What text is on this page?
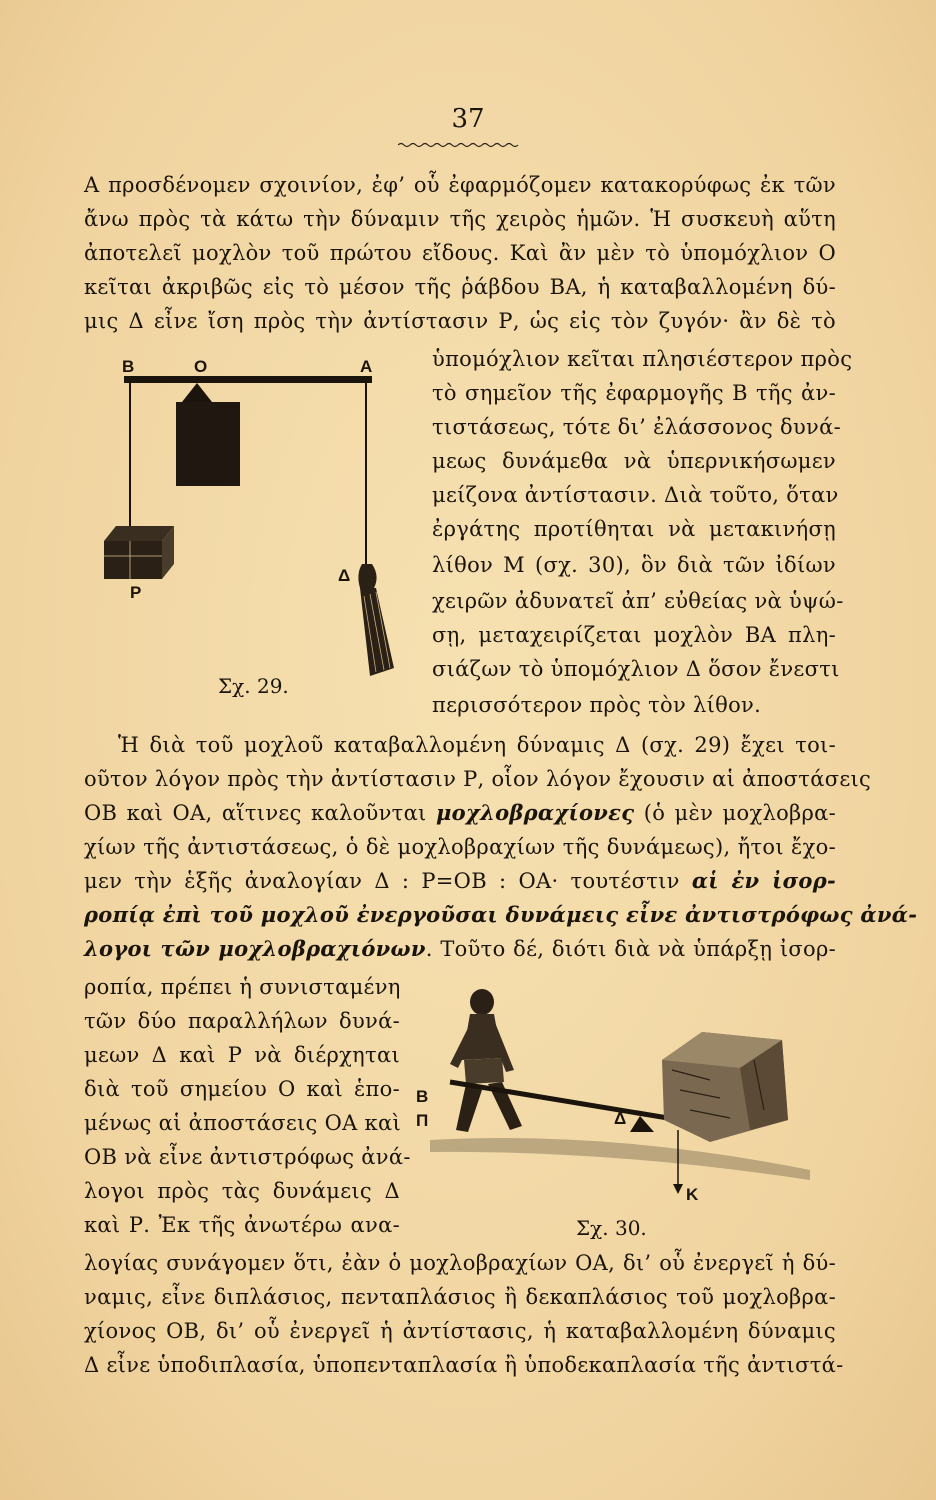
37
Α προσδένομεν σχοινίον, ἐφ’ οὗ ἐφαρμόζομεν κατακορύφως ἐκ τῶν
ἄνω πρὸς τὰ κάτω τὴν δύναμιν τῆς χειρὸς ἡμῶν. Ἡ συσκευὴ αὕτη
ἀποτελεῖ μοχλὸν τοῦ πρώτου εἴδους. Καὶ ἂν μὲν τὸ ὑπομόχλιον Ο
κεῖται ἀκριβῶς εἰς τὸ μέσον τῆς ῥάβδου ΒΑ, ἡ καταβαλλομένη δύ-
μις Δ εἶνε ἴση πρὸς τὴν ἀντίστασιν Ρ, ὡς εἰς τὸν ζυγόν· ἂν δὲ τὸ
ὑπομόχλιον κεῖται πλησιέστερον πρὸς
τὸ σημεῖον τῆς ἐφαρμογῆς Β τῆς ἀν-
τιστάσεως, τότε δι’ ἐλάσσονος δυνά-
μεως δυνάμεθα νὰ ὑπερνικήσωμεν
μείζονα ἀντίστασιν. Διὰ τοῦτο, ὅταν
ἐργάτης προτίθηται νὰ μετακινήσῃ
λίθον Μ (σχ. 30), ὃν διὰ τῶν ἰδίων
χειρῶν ἀδυνατεῖ ἀπ’ εὐθείας νὰ ὑψώ-
σῃ, μεταχειρίζεται μοχλὸν ΒΑ πλη-
σιάζων τὸ ὑπομόχλιον Δ ὅσον ἔνεστι
περισσότερον πρὸς τὸν λίθον.
B	O	A
P
Δ
Σχ. 29.
Ἡ διὰ τοῦ μοχλοῦ καταβαλλομένη δύναμις Δ (σχ. 29) ἔχει τοι-
οῦτον λόγον πρὸς τὴν ἀντίστασιν Ρ, οἷον λόγον ἔχουσιν αἱ ἀποστάσεις
ΟΒ καὶ ΟΑ, αἵτινες καλοῦνται μοχλοβραχίονες (ὁ μὲν μοχλοβρα-
χίων τῆς ἀντιστάσεως, ὁ δὲ μοχλοβραχίων τῆς δυνάμεως), ἤτοι ἔχο-
μεν τὴν ἑξῆς ἀναλογίαν Δ : Ρ=ΟΒ : ΟΑ· τουτέστιν αἱ ἐν ἰσορ-
ροπίᾳ ἐπὶ τοῦ μοχλοῦ ἐνεργοῦσαι δυνάμεις εἶνε ἀντιστρόφως ἀνά-
λογοι τῶν μοχλοβραχιόνων. Τοῦτο δέ, διότι διὰ νὰ ὑπάρξῃ ἰσορ-
ροπία, πρέπει ἡ συνισταμένη
τῶν δύο παραλλήλων δυνά-
μεων Δ καὶ Ρ νὰ διέρχηται
διὰ τοῦ σημείου Ο καὶ ἑπο-
μένως αἱ ἀποστάσεις ΟΑ καὶ
ΟΒ νὰ εἶνε ἀντιστρόφως ἀνά-
λογοι πρὸς τὰς δυνάμεις Δ
καὶ Ρ. Ἐκ τῆς ἀνωτέρω ανα-
B
Π	Δ
K
Σχ. 30.
λογίας συνάγομεν ὅτι, ἐὰν ὁ μοχλοβραχίων ΟΑ, δι’ οὗ ἐνεργεῖ ἡ δύ-
ναμις, εἶνε διπλάσιος, πενταπλάσιος ἢ δεκαπλάσιος τοῦ μοχλοβρα-
χίονος ΟΒ, δι’ οὗ ἐνεργεῖ ἡ ἀντίστασις, ἡ καταβαλλομένη δύναμις
Δ εἶνε ὑποδιπλασία, ὑποπενταπλασία ἢ ὑποδεκαπλασία τῆς ἀντιστά-
